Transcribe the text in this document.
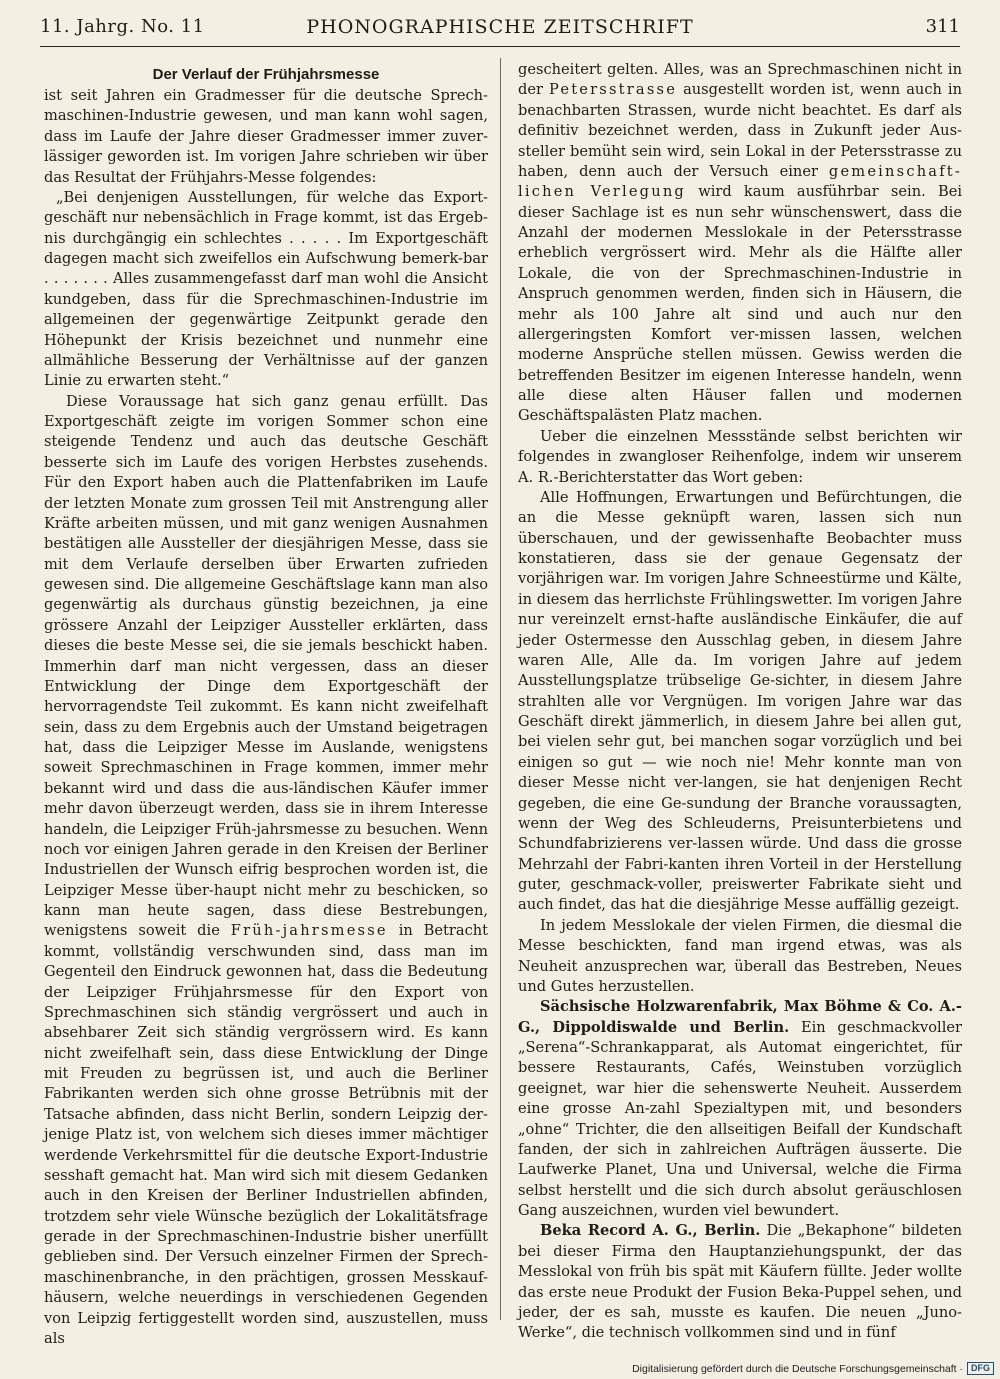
11. Jahrg. No. 11	PHONOGRAPHISCHE ZEITSCHRIFT	311
Der Verlauf der Frühjahrsmesse

ist seit Jahren ein Gradmesser für die deutsche Sprech-maschinen-Industrie gewesen, und man kann wohl sagen, dass im Laufe der Jahre dieser Gradmesser immer zuver-lässiger geworden ist. Im vorigen Jahre schrieben wir über das Resultat der Frühjahrs-Messe folgendes:

„Bei denjenigen Ausstellungen, für welche das Export-geschäft nur nebensächlich in Frage kommt, ist das Ergeb-nis durchgängig ein schlechtes . . . . . Im Exportgeschäft dagegen macht sich zweifellos ein Aufschwung bemerk-bar . . . . . . . Alles zusammengefasst darf man wohl die Ansicht kundgeben, dass für die Sprechmaschinen-Industrie im allgemeinen der gegenwärtige Zeitpunkt gerade den Höhepunkt der Krisis bezeichnet und nunmehr eine allmähliche Besserung der Verhältnisse auf der ganzen Linie zu erwarten steht.“

Diese Voraussage hat sich ganz genau erfüllt. Das Exportgeschäft zeigte im vorigen Sommer schon eine steigende Tendenz und auch das deutsche Geschäft besserte sich im Laufe des vorigen Herbstes zusehends. Für den Export haben auch die Plattenfabriken im Laufe der letzten Monate zum grossen Teil mit Anstrengung aller Kräfte arbeiten müssen, und mit ganz wenigen Ausnahmen bestätigen alle Aussteller der diesjährigen Messe, dass sie mit dem Verlaufe derselben über Erwarten zufrieden gewesen sind. Die allgemeine Geschäftslage kann man also gegenwärtig als durchaus günstig bezeichnen, ja eine grössere Anzahl der Leipziger Aussteller erklärten, dass dieses die beste Messe sei, die sie jemals beschickt haben. Immerhin darf man nicht vergessen, dass an dieser Entwicklung der Dinge dem Exportgeschäft der hervorragendste Teil zukommt. Es kann nicht zweifelhaft sein, dass zu dem Ergebnis auch der Umstand beigetragen hat, dass die Leipziger Messe im Auslande, wenigstens soweit Sprechmaschinen in Frage kommen, immer mehr bekannt wird und dass die aus-ländischen Käufer immer mehr davon überzeugt werden, dass sie in ihrem Interesse handeln, die Leipziger Früh-jahrsmesse zu besuchen. Wenn noch vor einigen Jahren gerade in den Kreisen der Berliner Industriellen der Wunsch eifrig besprochen worden ist, die Leipziger Messe über-haupt nicht mehr zu beschicken, so kann man heute sagen, dass diese Bestrebungen, wenigstens soweit die Früh-jahrsmesse in Betracht kommt, vollständig verschwunden sind, dass man im Gegenteil den Eindruck gewonnen hat, dass die Bedeutung der Leipziger Frühjahrsmesse für den Export von Sprechmaschinen sich ständig vergrössert und auch in absehbarer Zeit sich ständig vergrössern wird. Es kann nicht zweifelhaft sein, dass diese Entwicklung der Dinge mit Freuden zu begrüssen ist, und auch die Berliner Fabrikanten werden sich ohne grosse Betrübnis mit der Tatsache abfinden, dass nicht Berlin, sondern Leipzig der-jenige Platz ist, von welchem sich dieses immer mächtiger werdende Verkehrsmittel für die deutsche Export-Industrie sesshaft gemacht hat. Man wird sich mit diesem Gedanken auch in den Kreisen der Berliner Industriellen abfinden, trotzdem sehr viele Wünsche bezüglich der Lokalitätsfrage gerade in der Sprechmaschinen-Industrie bisher unerfüllt geblieben sind. Der Versuch einzelner Firmen der Sprech-maschinenbranche, in den prächtigen, grossen Messkauf-häusern, welche neuerdings in verschiedenen Gegenden von Leipzig fertiggestellt worden sind, auszustellen, muss als

gescheitert gelten. Alles, was an Sprechmaschinen nicht in der Petersstrasse ausgestellt worden ist, wenn auch in benachbarten Strassen, wurde nicht beachtet. Es darf als definitiv bezeichnet werden, dass in Zukunft jeder Aus-steller bemüht sein wird, sein Lokal in der Petersstrasse zu haben, denn auch der Versuch einer gemeinschaft-lichen Verlegung wird kaum ausführbar sein. Bei dieser Sachlage ist es nun sehr wünschenswert, dass die Anzahl der modernen Messlokale in der Petersstrasse erheblich vergrössert wird. Mehr als die Hälfte aller Lokale, die von der Sprechmaschinen-Industrie in Anspruch genommen werden, finden sich in Häusern, die mehr als 100 Jahre alt sind und auch nur den allergeringsten Komfort ver-missen lassen, welchen moderne Ansprüche stellen müssen. Gewiss werden die betreffenden Besitzer im eigenen Interesse handeln, wenn alle diese alten Häuser fallen und modernen Geschäftspalästen Platz machen.

Ueber die einzelnen Messstände selbst berichten wir folgendes in zwangloser Reihenfolge, indem wir unserem A. R.-Berichterstatter das Wort geben:

Alle Hoffnungen, Erwartungen und Befürchtungen, die an die Messe geknüpft waren, lassen sich nun überschauen, und der gewissenhafte Beobachter muss konstatieren, dass sie der genaue Gegensatz der vorjährigen war. Im vorigen Jahre Schneestürme und Kälte, in diesem das herrlichste Frühlingswetter. Im vorigen Jahre nur vereinzelt ernst-hafte ausländische Einkäufer, die auf jeder Ostermesse den Ausschlag geben, in diesem Jahre waren Alle, Alle da. Im vorigen Jahre auf jedem Ausstellungsplatze trübselige Ge-sichter, in diesem Jahre strahlten alle vor Vergnügen. Im vorigen Jahre war das Geschäft direkt jämmerlich, in diesem Jahre bei allen gut, bei vielen sehr gut, bei manchen sogar vorzüglich und bei einigen so gut — wie noch nie! Mehr konnte man von dieser Messe nicht ver-langen, sie hat denjenigen Recht gegeben, die eine Ge-sundung der Branche voraussagten, wenn der Weg des Schleuderns, Preisunterbietens und Schundfabrizierens ver-lassen würde. Und dass die grosse Mehrzahl der Fabri-kanten ihren Vorteil in der Herstellung guter, geschmack-voller, preiswerter Fabrikate sieht und auch findet, das hat die diesjährige Messe auffällig gezeigt.

In jedem Messlokale der vielen Firmen, die diesmal die Messe beschickten, fand man irgend etwas, was als Neuheit anzusprechen war, überall das Bestreben, Neues und Gutes herzustellen.

Sächsische Holzwarenfabrik, Max Böhme & Co. A.-G., Dippoldiswalde und Berlin. Ein geschmackvoller „Serena“-Schrankapparat, als Automat eingerichtet, für bessere Restaurants, Cafés, Weinstuben vorzüglich geeignet, war hier die sehenswerte Neuheit. Ausserdem eine grosse An-zahl Spezialtypen mit, und besonders „ohne“ Trichter, die den allseitigen Beifall der Kundschaft fanden, der sich in zahlreichen Aufträgen äusserte. Die Laufwerke Planet, Una und Universal, welche die Firma selbst herstellt und die sich durch absolut geräuschlosen Gang auszeichnen, wurden viel bewundert.

Beka Record A. G., Berlin. Die „Bekaphone“ bildeten bei dieser Firma den Hauptanziehungspunkt, der das Messlokal von früh bis spät mit Käufern füllte. Jeder wollte das erste neue Produkt der Fusion Beka-Puppel sehen, und jeder, der es sah, musste es kaufen. Die neuen „Juno-Werke“, die technisch vollkommen sind und in fünf

Digitalisierung gefördert durch die Deutsche Forschungsgemeinschaft · DFG
